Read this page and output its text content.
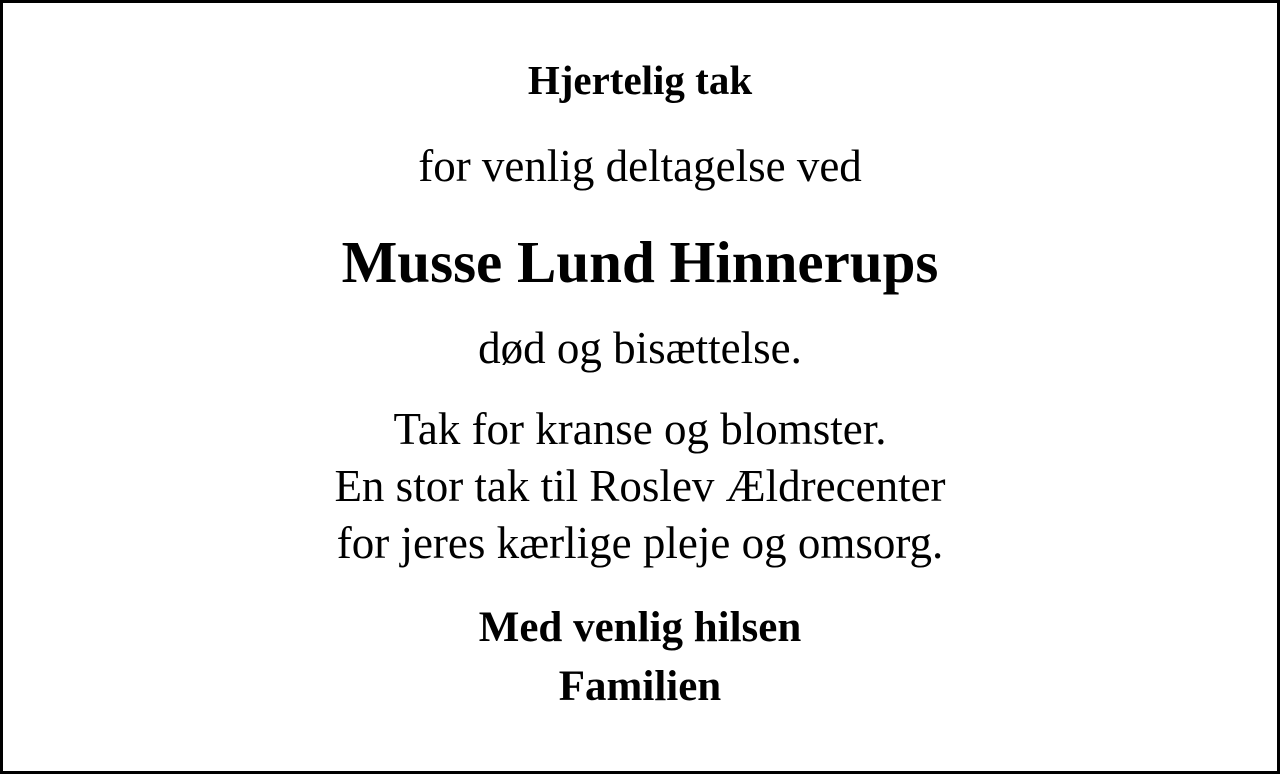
Hjertelig tak
for venlig deltagelse ved
Musse Lund Hinnerups
død og bisættelse.
Tak for kranse og blomster.
En stor tak til Roslev Ældrecenter
for jeres kærlige pleje og omsorg.
Med venlig hilsen
Familien
